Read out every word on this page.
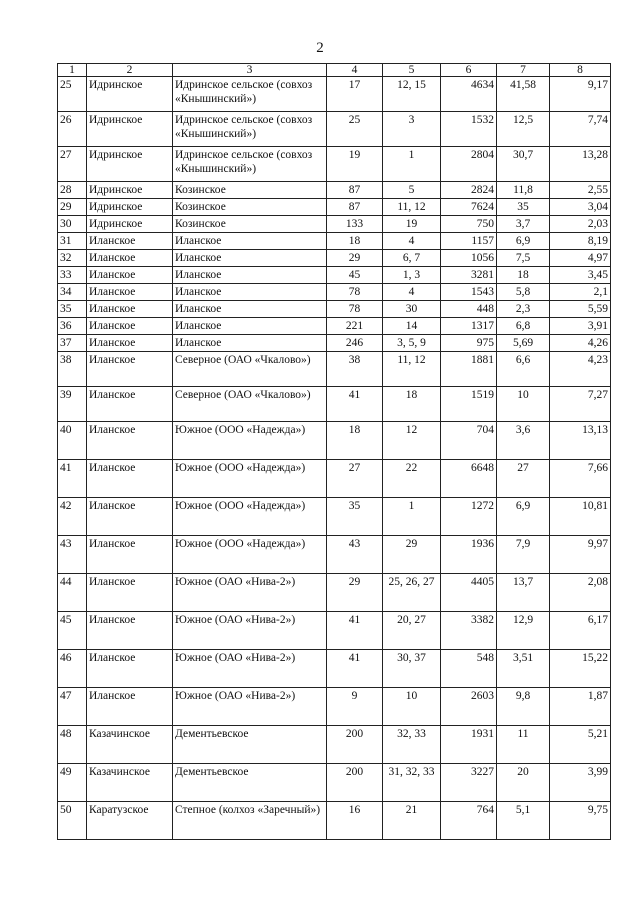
2
1	2	3	4	5	6	7	8
25	Идринское	Идринское сельское (совхоз «Кнышинский»)	17	12, 15	4634	41,58	9,17
26	Идринское	Идринское сельское (совхоз «Кнышинский»)	25	3	1532	12,5	7,74
27	Идринское	Идринское сельское (совхоз «Кнышинский»)	19	1	2804	30,7	13,28
28	Идринское	Козинское	87	5	2824	11,8	2,55
29	Идринское	Козинское	87	11, 12	7624	35	3,04
30	Идринское	Козинское	133	19	750	3,7	2,03
31	Иланское	Иланское	18	4	1157	6,9	8,19
32	Иланское	Иланское	29	6, 7	1056	7,5	4,97
33	Иланское	Иланское	45	1, 3	3281	18	3,45
34	Иланское	Иланское	78	4	1543	5,8	2,1
35	Иланское	Иланское	78	30	448	2,3	5,59
36	Иланское	Иланское	221	14	1317	6,8	3,91
37	Иланское	Иланское	246	3, 5, 9	975	5,69	4,26
38	Иланское	Северное (ОАО «Чкалово»)	38	11, 12	1881	6,6	4,23
39	Иланское	Северное (ОАО «Чкалово»)	41	18	1519	10	7,27
40	Иланское	Южное (ООО «Надежда»)	18	12	704	3,6	13,13
41	Иланское	Южное (ООО «Надежда»)	27	22	6648	27	7,66
42	Иланское	Южное (ООО «Надежда»)	35	1	1272	6,9	10,81
43	Иланское	Южное (ООО «Надежда»)	43	29	1936	7,9	9,97
44	Иланское	Южное (ОАО «Нива-2»)	29	25, 26, 27	4405	13,7	2,08
45	Иланское	Южное (ОАО «Нива-2»)	41	20, 27	3382	12,9	6,17
46	Иланское	Южное (ОАО «Нива-2»)	41	30, 37	548	3,51	15,22
47	Иланское	Южное (ОАО «Нива-2»)	9	10	2603	9,8	1,87
48	Казачинское	Дементьевское	200	32, 33	1931	11	5,21
49	Казачинское	Дементьевское	200	31, 32, 33	3227	20	3,99
50	Каратузское	Степное (колхоз «Заречный»)	16	21	764	5,1	9,75
